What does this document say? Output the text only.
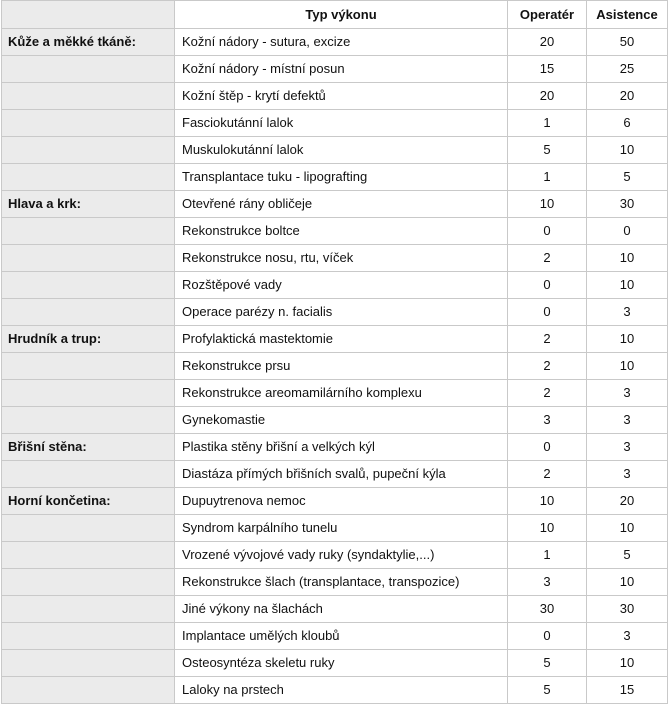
	Typ výkonu	Operatér	Asistence
Kůže a měkké tkáně:	Kožní nádory - sutura, excize	20	50
	Kožní nádory - místní posun	15	25
	Kožní štěp - krytí defektů	20	20
	Fasciokutánní lalok	1	6
	Muskulokutánní lalok	5	10
	Transplantace tuku - lipografting	1	5
Hlava a krk:	Otevřené rány obličeje	10	30
	Rekonstrukce boltce	0	0
	Rekonstrukce nosu, rtu, víček	2	10
	Rozštěpové vady	0	10
	Operace parézy n. facialis	0	3
Hrudník a trup:	Profylaktická mastektomie	2	10
	Rekonstrukce prsu	2	10
	Rekonstrukce areomamilárního komplexu	2	3
	Gynekomastie	3	3
Břišní stěna:	Plastika stěny břišní a velkých kýl	0	3
	Diastáza přímých břišních svalů, pupeční kýla	2	3
Horní končetina:	Dupuytrenova nemoc	10	20
	Syndrom karpálního tunelu	10	10
	Vrozené vývojové vady ruky (syndaktylie,...)	1	5
	Rekonstrukce šlach (transplantace, transpozice)	3	10
	Jiné výkony na šlachách	30	30
	Implantace umělých kloubů	0	3
	Osteosyntéza skeletu ruky	5	10
	Laloky na prstech	5	15
